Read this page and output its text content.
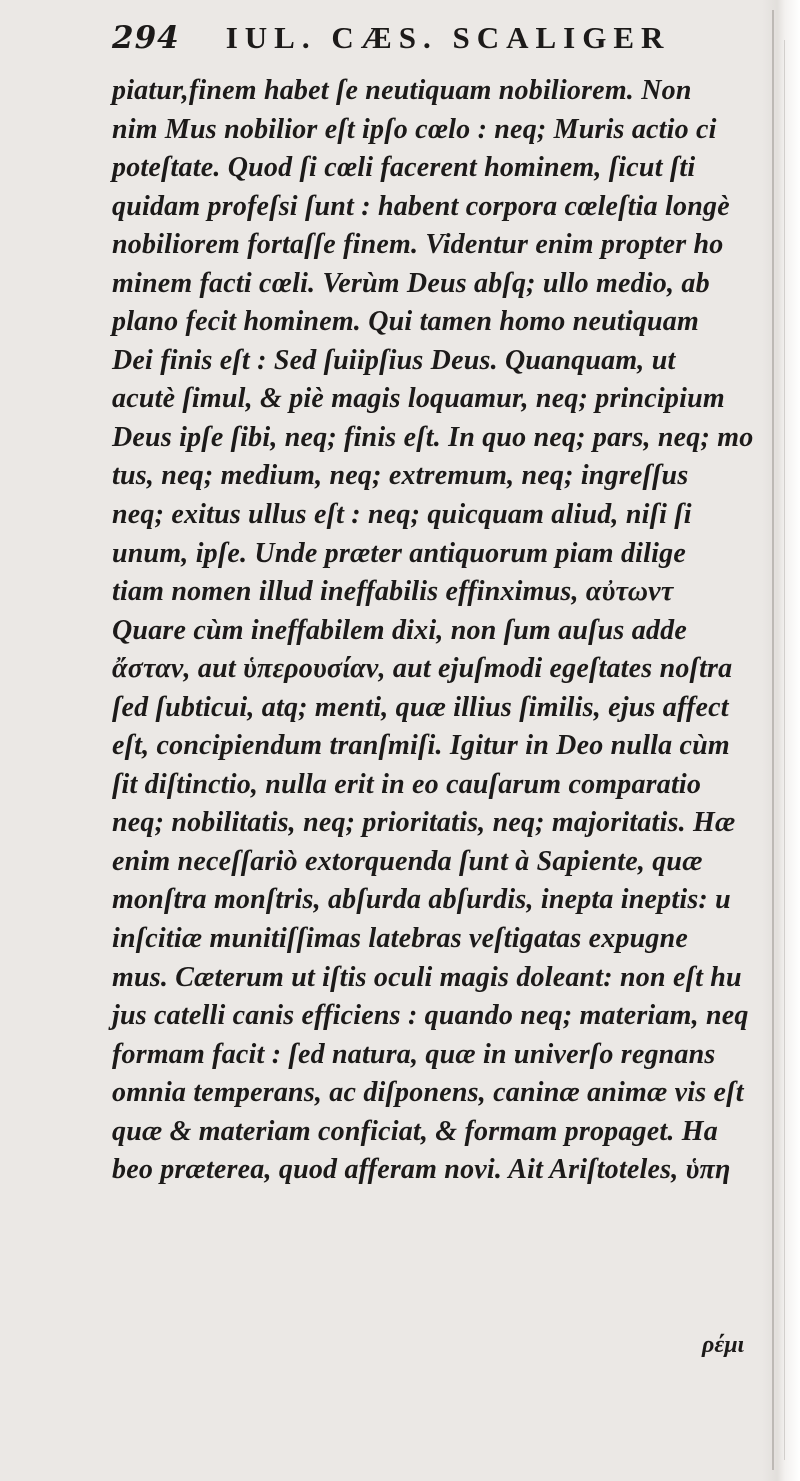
294 IUL. CÆS. SCALIGER
piatur,finem habet ſe neutiquam nobiliorem. Non
nim Mus nobilior eſt ipſo cœlo : neq; Muris actio ci
poteſtate. Quod ſi cœli facerent hominem, ſicut ſti
quidam profeſsi ſunt : habent corpora cœleſtia longè
nobiliorem fortaſſe finem. Videntur enim propter ho
minem facti cœli. Verùm Deus abſq; ullo medio, ab
plano fecit hominem. Qui tamen homo neutiquam
Dei finis eſt : Sed ſuiipſius Deus. Quanquam, ut
acutè ſimul, & piè magis loquamur, neq; principium
Deus ipſe ſibi, neq; finis eſt. In quo neq; pars, neq; mo
tus, neq; medium, neq; extremum, neq; ingreſſus
neq; exitus ullus eſt : neq; quicquam aliud, niſi ſi
unum, ipſe. Unde præter antiquorum piam dilige
tiam nomen illud ineffabilis effinximus, αὐτωντ
Quare cùm ineffabilem dixi, non ſum auſus adde
ἄσταν, aut ὑπερουσίαν, aut ejuſmodi egeſtates noſtra
ſed ſubticui, atq; menti, quæ illius ſimilis, ejus affect
eſt, concipiendum tranſmiſi. Igitur in Deo nulla cùm
ſit diſtinctio, nulla erit in eo cauſarum comparatio
neq; nobilitatis, neq; prioritatis, neq; majoritatis. Hæ
enim neceſſariò extorquenda ſunt à Sapiente, quæ
monſtra monſtris, abſurda abſurdis, inepta ineptis: u
inſcitiæ munitiſſimas latebras veſtigatas expugne
mus. Cæterum ut iſtis oculi magis doleant: non eſt hu
jus catelli canis efficiens : quando neq; materiam, neq
formam facit : ſed natura, quæ in univerſo regnans
omnia temperans, ac diſponens, caninæ animæ vis eſt
quæ & materiam conficiat, & formam propaget. Ha
beo præterea, quod afferam novi. Ait Ariſtoteles, ὑπη
ρέμι
